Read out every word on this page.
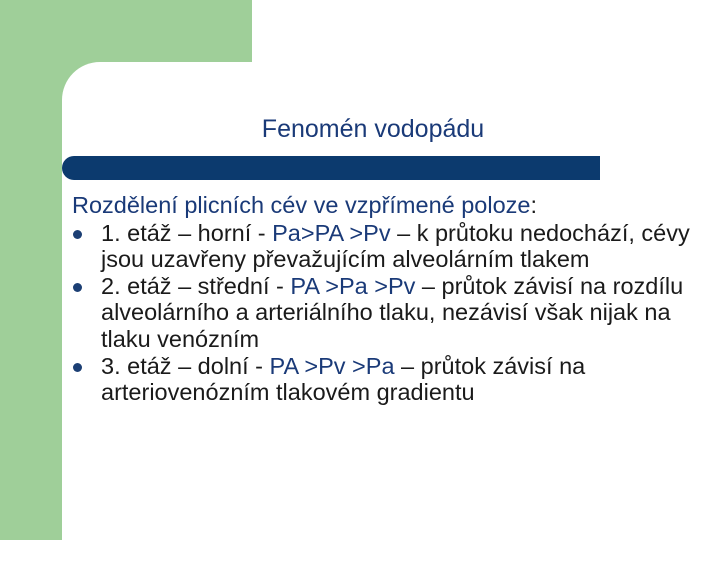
Fenomén vodopádu

Rozdělení plicních cév ve vzpřímené poloze:

1. etáž – horní - Pa>PA >Pv – k průtoku nedochází, cévy jsou uzavřeny převažujícím alveolárním tlakem
2. etáž – střední - PA >Pa >Pv – průtok závisí na rozdílu alveolárního a arteriálního tlaku, nezávisí však nijak na tlaku venózním
3. etáž – dolní - PA >Pv >Pa – průtok závisí na arteriovenózním tlakovém gradientu
